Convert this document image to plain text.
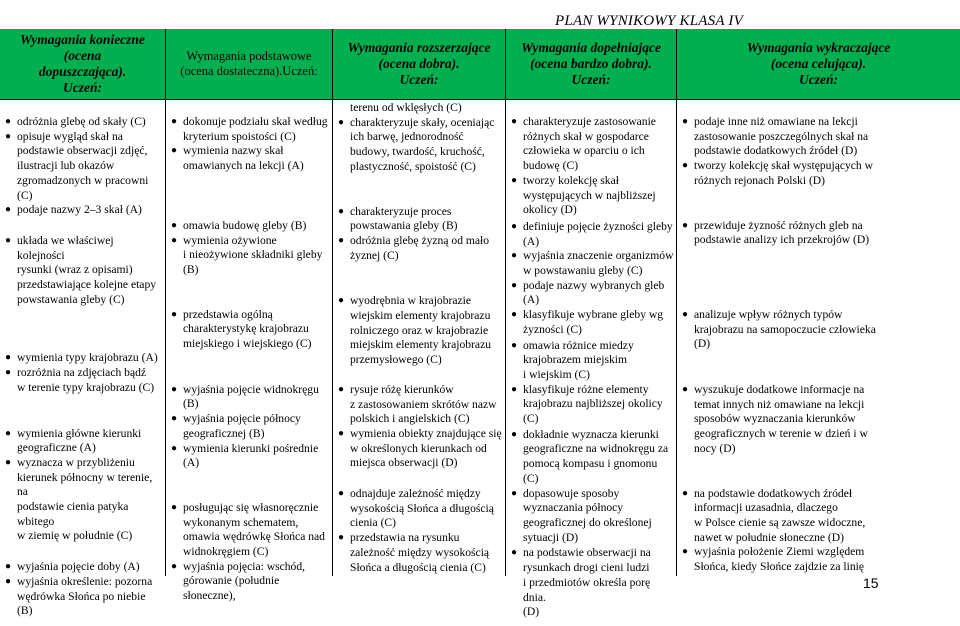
PLAN WYNIKOWY KLASA IV
Wymagania konieczne (ocena
dopuszczająca).
Uczeń:
Wymagania podstawowe
(ocena dostateczna).Uczeń:
Wymagania rozszerzające
(ocena dobra).
Uczeń:
Wymagania dopełniające
(ocena bardzo dobra).
Uczeń:
Wymagania wykraczające
(ocena celująca).
Uczeń:
● odróżnia glebę od skały (C)
● opisuje wygląd skał na
podstawie obserwacji zdjęć,
ilustracji lub okazów
zgromadzonych w pracowni (C)
● podaje nazwy 2–3 skał (A)
● układa we właściwej kolejności
rysunki (wraz z opisami)
przedstawiające kolejne etapy
powstawania gleby (C)
● wymienia typy krajobrazu (A)
● rozróżnia na zdjęciach bądź
w terenie typy krajobrazu (C)
● wymienia główne kierunki
geograficzne (A)
● wyznacza w przybliżeniu
kierunek północny w terenie, na
podstawie cienia patyka wbitego
w ziemię w południe (C)
● wyjaśnia pojęcie doby (A)
● wyjaśnia określenie: pozorna
wędrówka Słońca po niebie (B)
● dokonuje podziału skał według
kryterium spoistości (C)
● wymienia nazwy skał
omawianych na lekcji (A)
● omawia budowę gleby (B)
● wymienia ożywione
i nieożywione składniki gleby
(B)
● przedstawia ogólną
charakterystykę krajobrazu
miejskiego i wiejskiego (C)
● wyjaśnia pojęcie widnokręgu (B)
● wyjaśnia pojęcie północy
geograficznej (B)
● wymienia kierunki pośrednie (A)
● posługując się własnoręcznie
wykonanym schematem,
omawia wędrówkę Słońca nad
widnokręgiem (C)
● wyjaśnia pojęcia: wschód,
górowanie (południe słoneczne),
terenu od wklęsłych (C)
● charakteryzuje skały, oceniając
ich barwę, jednorodność
budowy, twardość, kruchość,
plastyczność, spoistość (C)
● charakteryzuje proces
powstawania gleby (B)
● odróżnia glebę żyzną od mało
żyznej (C)
● wyodrębnia w krajobrazie
wiejskim elementy krajobrazu
rolniczego oraz w krajobrazie
miejskim elementy krajobrazu
przemysłowego (C)
● rysuje różę kierunków
z zastosowaniem skrótów nazw
polskich i angielskich (C)
● wymienia obiekty znajdujące się
w określonych kierunkach od
miejsca obserwacji (D)
● odnajduje zależność między
wysokością Słońca a długością
cienia (C)
● przedstawia na rysunku
zależność między wysokością
Słońca a długością cienia (C)
● charakteryzuje zastosowanie
różnych skał w gospodarce
człowieka w oparciu o ich
budowę (C)
● tworzy kolekcję skał
występujących w najbliższej
okolicy (D)
● definiuje pojęcie żyzności gleby
(A)
● wyjaśnia znaczenie organizmów
w powstawaniu gleby (C)
● podaje nazwy wybranych gleb
(A)
● klasyfikuje wybrane gleby wg
żyzności (C)
● omawia różnice miedzy
krajobrazem miejskim
i wiejskim (C)
● klasyfikuje różne elementy
krajobrazu najbliższej okolicy
(C)
● dokładnie wyznacza kierunki
geograficzne na widnokręgu za
pomocą kompasu i gnomonu (C)
● dopasowuje sposoby
wyznaczania północy
geograficznej do określonej
sytuacji (D)
● na podstawie obserwacji na
rysunkach drogi cieni ludzi
i przedmiotów określa porę dnia.
(D)
● podaje inne niż omawiane na lekcji
zastosowanie poszczególnych skał na
podstawie dodatkowych źródeł (D)
● tworzy kolekcję skał występujących w
różnych rejonach Polski (D)
● przewiduje żyzność różnych gleb na
podstawie analizy ich przekrojów (D)
● analizuje wpływ różnych typów
krajobrazu na samopoczucie człowieka
(D)
● wyszukuje dodatkowe informacje na
temat innych niż omawiane na lekcji
sposobów wyznaczania kierunków
geograficznych w terenie w dzień i w
nocy (D)
● na podstawie dodatkowych źródeł
informacji uzasadnia, dlaczego
w Polsce cienie są zawsze widoczne,
nawet w południe słoneczne (D)
● wyjaśnia położenie Ziemi względem
Słońca, kiedy Słońce zajdzie za linię
15
